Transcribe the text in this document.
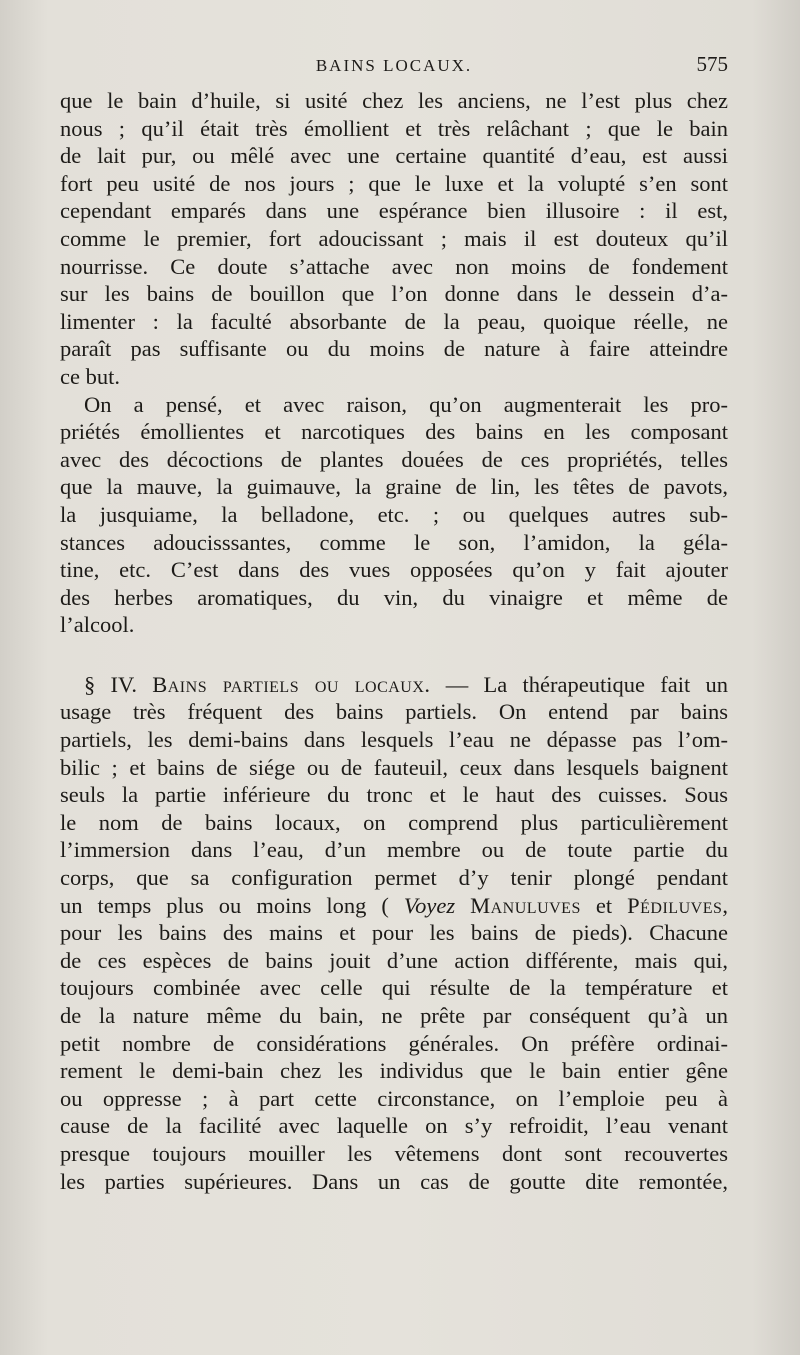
BAINS LOCAUX.	575
que le bain d’huile, si usité chez les anciens, ne l’est plus chez
nous ; qu’il était très émollient et très relâchant ; que le bain
de lait pur, ou mêlé avec une certaine quantité d’eau, est aussi
fort peu usité de nos jours ; que le luxe et la volupté s’en sont
cependant emparés dans une espérance bien illusoire : il est,
comme le premier, fort adoucissant ; mais il est douteux qu’il
nourrisse. Ce doute s’attache avec non moins de fondement
sur les bains de bouillon que l’on donne dans le dessein d’a-
limenter : la faculté absorbante de la peau, quoique réelle, ne
paraît pas suffisante ou du moins de nature à faire atteindre
ce but.
On a pensé, et avec raison, qu’on augmenterait les pro-
priétés émollientes et narcotiques des bains en les composant
avec des décoctions de plantes douées de ces propriétés, telles
que la mauve, la guimauve, la graine de lin, les têtes de pavots,
la jusquiame, la belladone, etc. ; ou quelques autres sub-
stances adoucisssantes, comme le son, l’amidon, la géla-
tine, etc. C’est dans des vues opposées qu’on y fait ajouter
des herbes aromatiques, du vin, du vinaigre et même de
l’alcool.
§ IV. Bains partiels ou locaux. — La thérapeutique fait un
usage très fréquent des bains partiels. On entend par bains
partiels, les demi-bains dans lesquels l’eau ne dépasse pas l’om-
bilic ; et bains de siége ou de fauteuil, ceux dans lesquels baignent
seuls la partie inférieure du tronc et le haut des cuisses. Sous
le nom de bains locaux, on comprend plus particulièrement
l’immersion dans l’eau, d’un membre ou de toute partie du
corps, que sa configuration permet d’y tenir plongé pendant
un temps plus ou moins long ( Voyez Manuluves et Pédiluves,
pour les bains des mains et pour les bains de pieds). Chacune
de ces espèces de bains jouit d’une action différente, mais qui,
toujours combinée avec celle qui résulte de la température et
de la nature même du bain, ne prête par conséquent qu’à un
petit nombre de considérations générales. On préfère ordinai-
rement le demi-bain chez les individus que le bain entier gêne
ou oppresse ; à part cette circonstance, on l’emploie peu à
cause de la facilité avec laquelle on s’y refroidit, l’eau venant
presque toujours mouiller les vêtemens dont sont recouvertes
les parties supérieures. Dans un cas de goutte dite remontée,
